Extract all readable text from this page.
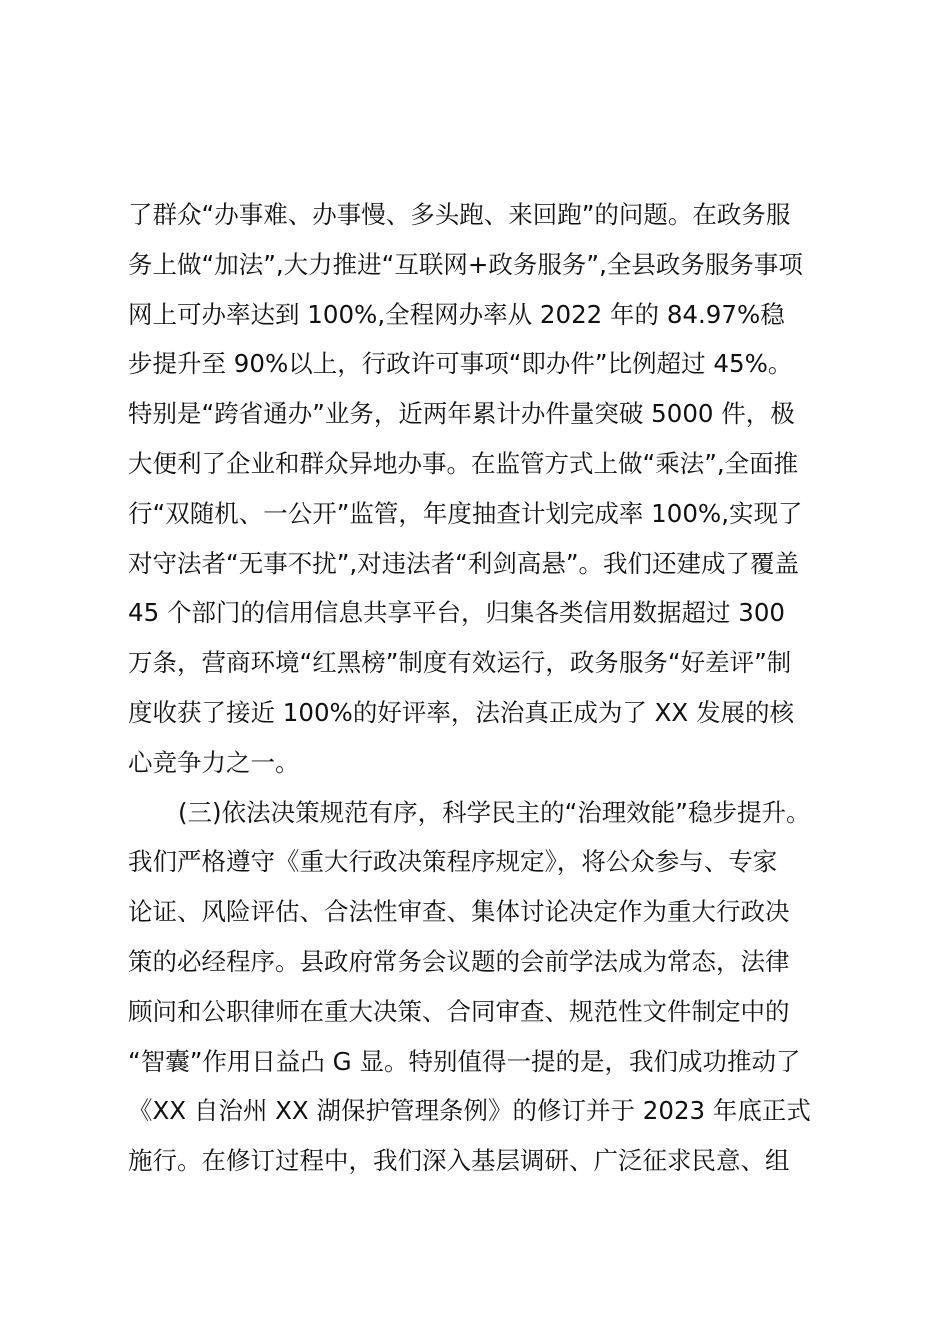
了群众“办事难、办事慢、多头跑、来回跑”的问题。在政务服
务上做“加法”,大力推进“互联网+政务服务”,全县政务服务事项
网上可办率达到 100%,全程网办率从 2022 年的 84.97%稳
步提升至 90%以上，行政许可事项“即办件”比例超过 45%。
特别是“跨省通办”业务，近两年累计办件量突破 5000 件，极
大便利了企业和群众异地办事。在监管方式上做“乘法”,全面推
行“双随机、一公开”监管，年度抽查计划完成率 100%,实现了
对守法者“无事不扰”,对违法者“利剑高悬”。我们还建成了覆盖
45 个部门的信用信息共享平台，归集各类信用数据超过 300
万条，营商环境“红黑榜”制度有效运行，政务服务“好差评”制
度收获了接近 100%的好评率，法治真正成为了 XX 发展的核
心竞争力之一。
(三)依法决策规范有序，科学民主的“治理效能”稳步提升。
我们严格遵守《重大行政决策程序规定》，将公众参与、专家
论证、风险评估、合法性审查、集体讨论决定作为重大行政决
策的必经程序。县政府常务会议题的会前学法成为常态，法律
顾问和公职律师在重大决策、合同审查、规范性文件制定中的
“智囊”作用日益凸 G 显。特别值得一提的是，我们成功推动了
《XX 自治州 XX 湖保护管理条例》的修订并于 2023 年底正式
施行。在修订过程中，我们深入基层调研、广泛征求民意、组
